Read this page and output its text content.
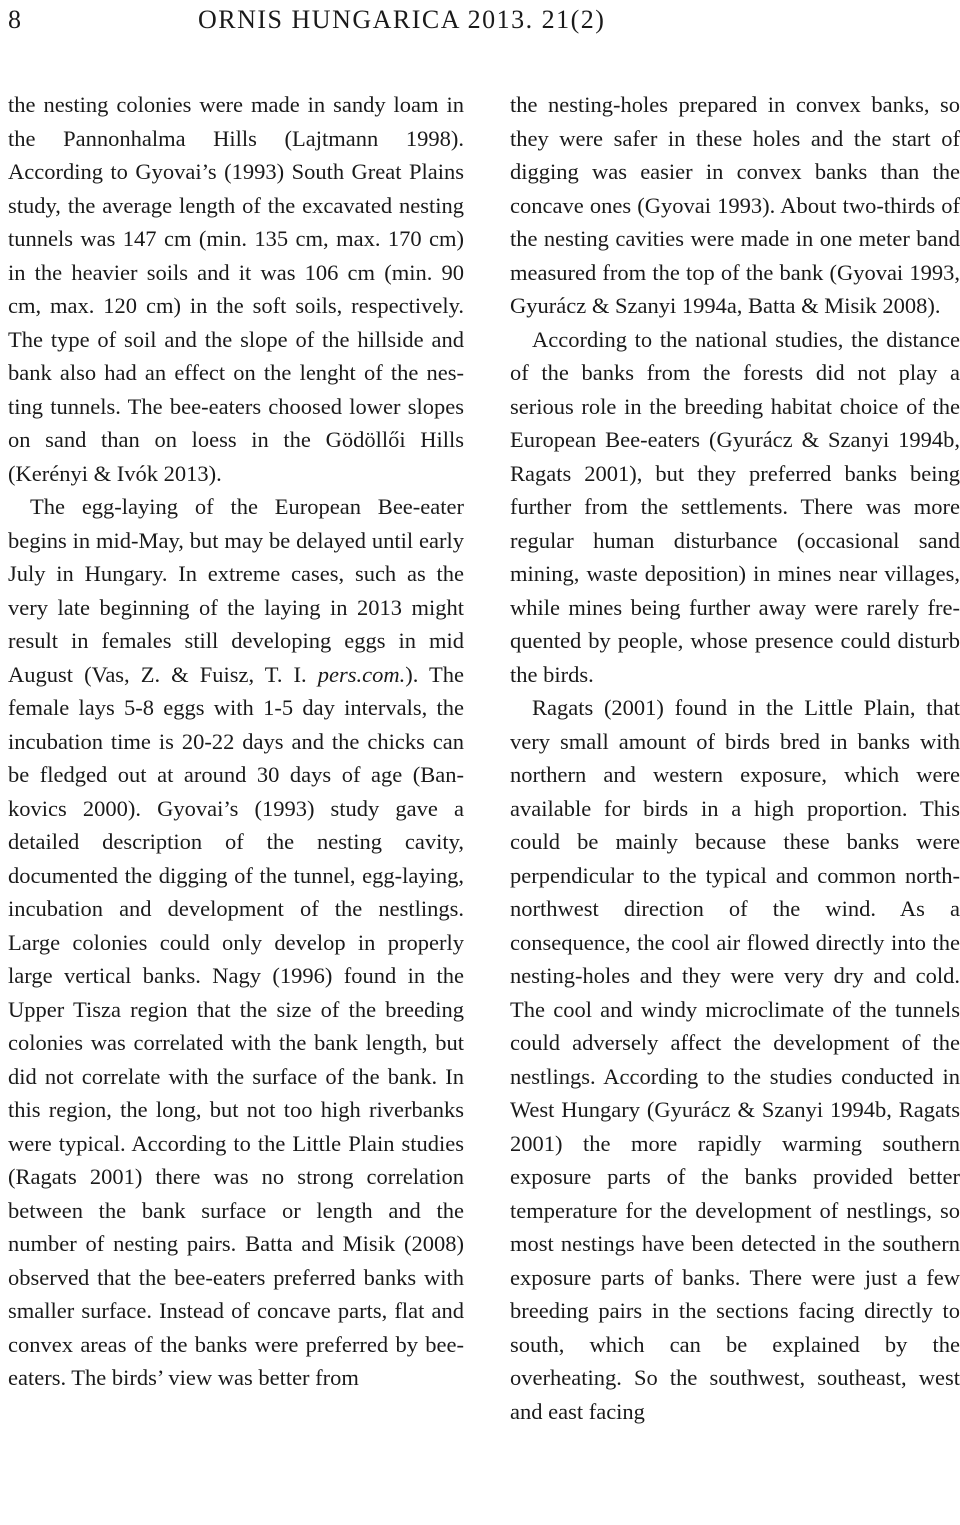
8	ORNIS HUNGARICA 2013. 21(2)

the nesting colonies were made in sandy loam in the Pannonhalma Hills (Lajtmann 1998). According to Gyovai’s (1993) South Great Plains study, the average length of the excavated nesting tunnels was 147 cm (min. 135 cm, max. 170 cm) in the heavier soils and it was 106 cm (min. 90 cm, max. 120 cm) in the soft soils, respectively. The type of soil and the slope of the hillside and bank also had an effect on the lenght of the nesting tunnels. The bee-eaters choosed lower slopes on sand than on loess in the Gödöllői Hills (Kerényi & Ivók 2013).

The egg-laying of the European Bee-eater begins in mid-May, but may be delayed until early July in Hungary. In extreme cases, such as the very late beginning of the laying in 2013 might result in females still developing eggs in mid August (Vas, Z. & Fuisz, T. I. pers.com.). The female lays 5-8 eggs with 1-5 day intervals, the incubation time is 20-22 days and the chicks can be fledged out at around 30 days of age (Bankovics 2000). Gyovai’s (1993) study gave a detailed description of the nesting cavity, documented the digging of the tunnel, egg-laying, incubation and development of the nestlings. Large colonies could only develop in properly large vertical banks. Nagy (1996) found in the Upper Tisza region that the size of the breeding colonies was correlated with the bank length, but did not correlate with the surface of the bank. In this region, the long, but not too high riverbanks were typical. According to the Little Plain studies (Ragats 2001) there was no strong correlation between the bank surface or length and the number of nesting pairs. Batta and Misik (2008) observed that the bee-eaters preferred banks with smaller surface. Instead of concave parts, flat and convex areas of the banks were preferred by bee-eaters. The birds’ view was better from

the nesting-holes prepared in convex banks, so they were safer in these holes and the start of digging was easier in convex banks than the concave ones (Gyovai 1993). About two-thirds of the nesting cavities were made in one meter band measured from the top of the bank (Gyovai 1993, Gyurácz & Szanyi 1994a, Batta & Misik 2008).

According to the national studies, the distance of the banks from the forests did not play a serious role in the breeding habitat choice of the European Bee-eaters (Gyurácz & Szanyi 1994b, Ragats 2001), but they preferred banks being further from the settlements. There was more regular human disturbance (occasional sand mining, waste deposition) in mines near villages, while mines being further away were rarely frequented by people, whose presence could disturb the birds.

Ragats (2001) found in the Little Plain, that very small amount of birds bred in banks with northern and western exposure, which were available for birds in a high proportion. This could be mainly because these banks were perpendicular to the typical and common north-northwest direction of the wind. As a consequence, the cool air flowed directly into the nesting-holes and they were very dry and cold. The cool and windy microclimate of the tunnels could adversely affect the development of the nestlings. According to the studies conducted in West Hungary (Gyurácz & Szanyi 1994b, Ragats 2001) the more rapidly warming southern exposure parts of the banks provided better temperature for the development of nestlings, so most nestings have been detected in the southern exposure parts of banks. There were just a few breeding pairs in the sections facing directly to south, which can be explained by the overheating. So the southwest, southeast, west and east facing
